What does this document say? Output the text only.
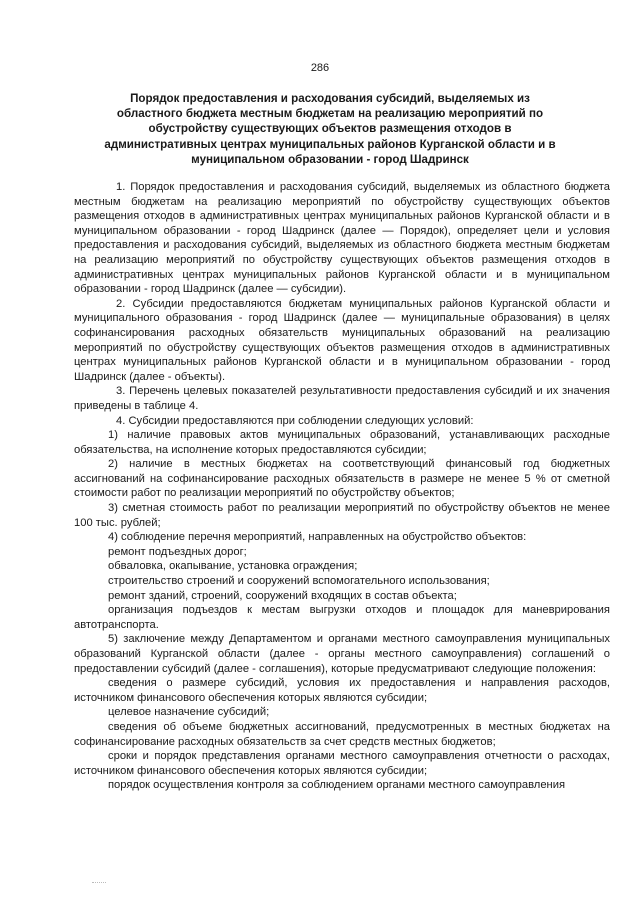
286
Порядок предоставления и расходования субсидий, выделяемых из
областного бюджета местным бюджетам на реализацию мероприятий по
обустройству существующих объектов размещения отходов в
административных центрах муниципальных районов Курганской области и в
муниципальном образовании - город Шадринск

1. Порядок предоставления и расходования субсидий, выделяемых из областного бюджета местным бюджетам на реализацию мероприятий по обустройству существующих объектов размещения отходов в административных центрах муниципальных районов Курганской области и в муниципальном образовании - город Шадринск (далее — Порядок), определяет цели и условия предоставления и расходования субсидий, выделяемых из областного бюджета местным бюджетам на реализацию мероприятий по обустройству существующих объектов размещения отходов в административных центрах муниципальных районов Курганской области и в муниципальном образовании - город Шадринск (далее — субсидии).

2. Субсидии предоставляются бюджетам муниципальных районов Курганской области и муниципального образования - город Шадринск (далее — муниципальные образования) в целях софинансирования расходных обязательств муниципальных образований на реализацию мероприятий по обустройству существующих объектов размещения отходов в административных центрах муниципальных районов Курганской области и в муниципальном образовании - город Шадринск (далее - объекты).

3. Перечень целевых показателей результативности предоставления субсидий и их значения приведены в таблице 4.

4. Субсидии предоставляются при соблюдении следующих условий:

1) наличие правовых актов муниципальных образований, устанавливающих расходные обязательства, на исполнение которых предоставляются субсидии;

2) наличие в местных бюджетах на соответствующий финансовый год бюджетных ассигнований на софинансирование расходных обязательств в размере не менее 5 % от сметной стоимости работ по реализации мероприятий по обустройству объектов;

3) сметная стоимость работ по реализации мероприятий по обустройству объектов не менее 100 тыс. рублей;

4) соблюдение перечня мероприятий, направленных на обустройство объектов:

ремонт подъездных дорог;

обваловка, окапывание, установка ограждения;

строительство строений и сооружений вспомогательного использования;

ремонт зданий, строений, сооружений входящих в состав объекта;

организация подъездов к местам выгрузки отходов и площадок для маневрирования автотранспорта.

5) заключение между Департаментом и органами местного самоуправления муниципальных образований Курганской области (далее - органы местного самоуправления) соглашений о предоставлении субсидий (далее - соглашения), которые предусматривают следующие положения:

сведения о размере субсидий, условия их предоставления и направления расходов, источником финансового обеспечения которых являются субсидии;

целевое назначение субсидий;

сведения об объеме бюджетных ассигнований, предусмотренных в местных бюджетах на софинансирование расходных обязательств за счет средств местных бюджетов;

сроки и порядок представления органами местного самоуправления отчетности о расходах, источником финансового обеспечения которых являются субсидии;

порядок осуществления контроля за соблюдением органами местного самоуправления
